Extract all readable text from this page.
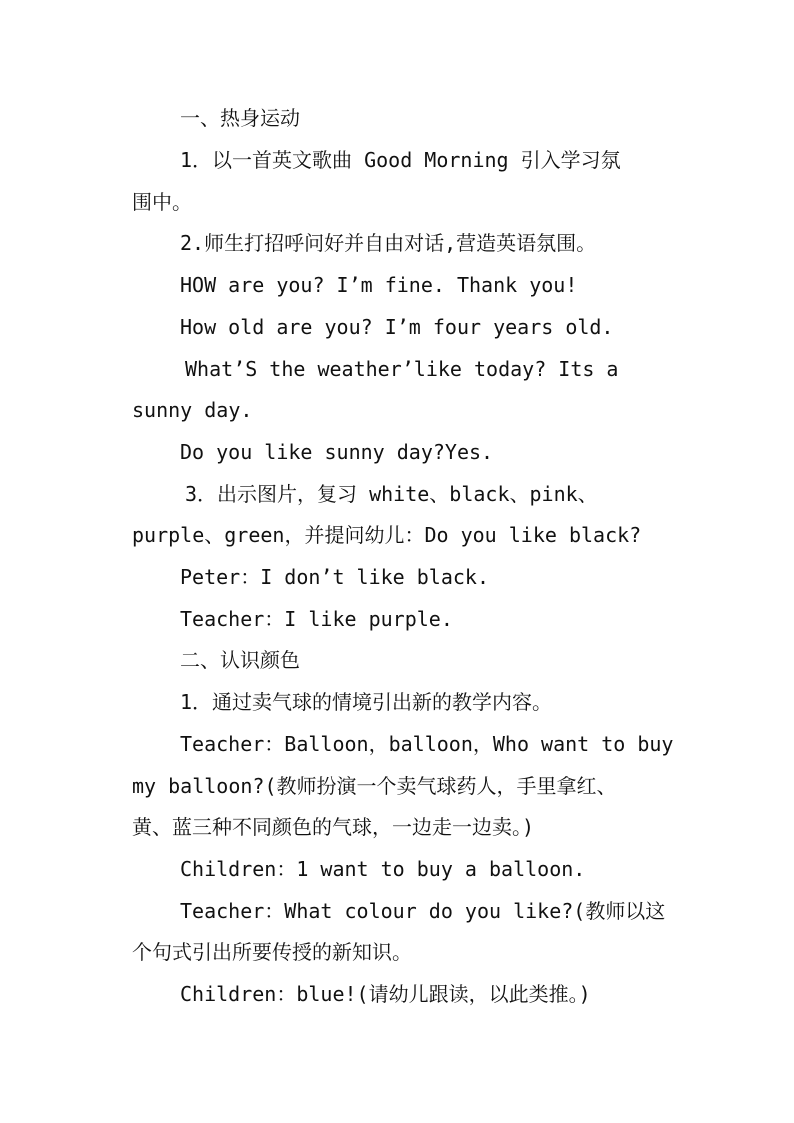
一、热身运动
1．以一首英文歌曲 Good Morning 引入学习氛
围中。
2.师生打招呼问好并自由对话,营造英语氛围。
HOW are you? I’m fine. Thank you!
How old are you? I’m four years old.
What’S the weather’like today? Its a
sunny day.
Do you like sunny day?Yes.
3．出示图片，复习 white、black、pink、
purple、green，并提问幼儿：Do you like black?
Peter：I don’t like black.
Teacher：I like purple.
二、认识颜色
1．通过卖气球的情境引出新的教学内容。
Teacher：Balloon，balloon，Who want to buy
my balloon?(教师扮演一个卖气球药人，手里拿红、
黄、蓝三种不同颜色的气球，一边走一边卖。)
Children：1 want to buy a balloon.
Teacher：What colour do you like?(教师以这
个句式引出所要传授的新知识。
Children：blue!(请幼儿跟读，以此类推。)
